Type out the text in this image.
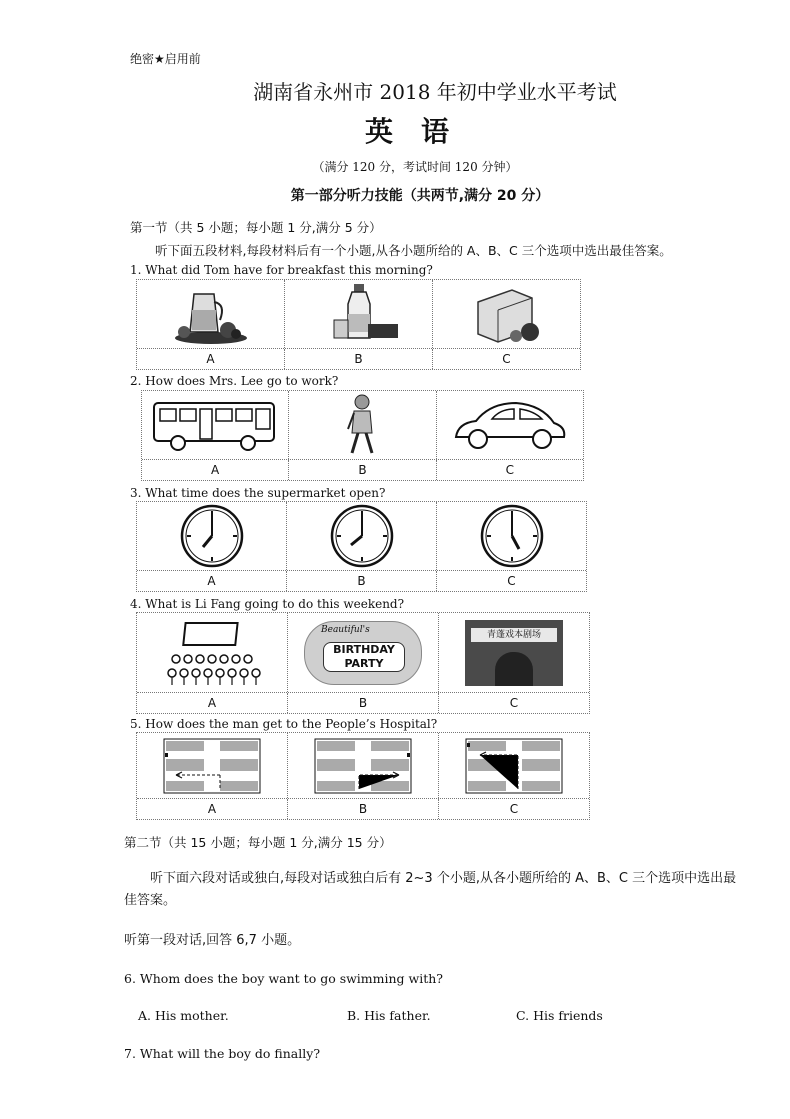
绝密★启用前
湖南省永州市 2018 年初中学业水平考试
英语
（满分 120 分，考试时间 120 分钟）
第一部分听力技能（共两节,满分 20 分）
第一节（共 5 小题；每小题 1 分,满分 5 分）
听下面五段材料,每段材料后有一个小题,从各小题所给的 A、B、C 三个选项中选出最佳答案。
1. What did Tom have for breakfast this morning?
A	B	C
2. How does Mrs. Lee go to work?
A	B	C
3. What time does the supermarket open?
A	B	C
4. What is Li Fang going to do this weekend?
Beautiful's
BIRTHDAY PARTY
青蓬戏本剧场
A	B	C
5. How does the man get to the People’s Hospital?
A	B	C
第二节（共 15 小题；每小题 1 分,满分 15 分）
听下面六段对话或独白,每段对话或独白后有 2~3 个小题,从各小题所给的 A、B、C 三个选项中选出最佳答案。
听第一段对话,回答 6,7 小题。
6. Whom does the boy want to go swimming with?
A. His mother.	B. His father.	C. His friends
7. What will the boy do finally?
